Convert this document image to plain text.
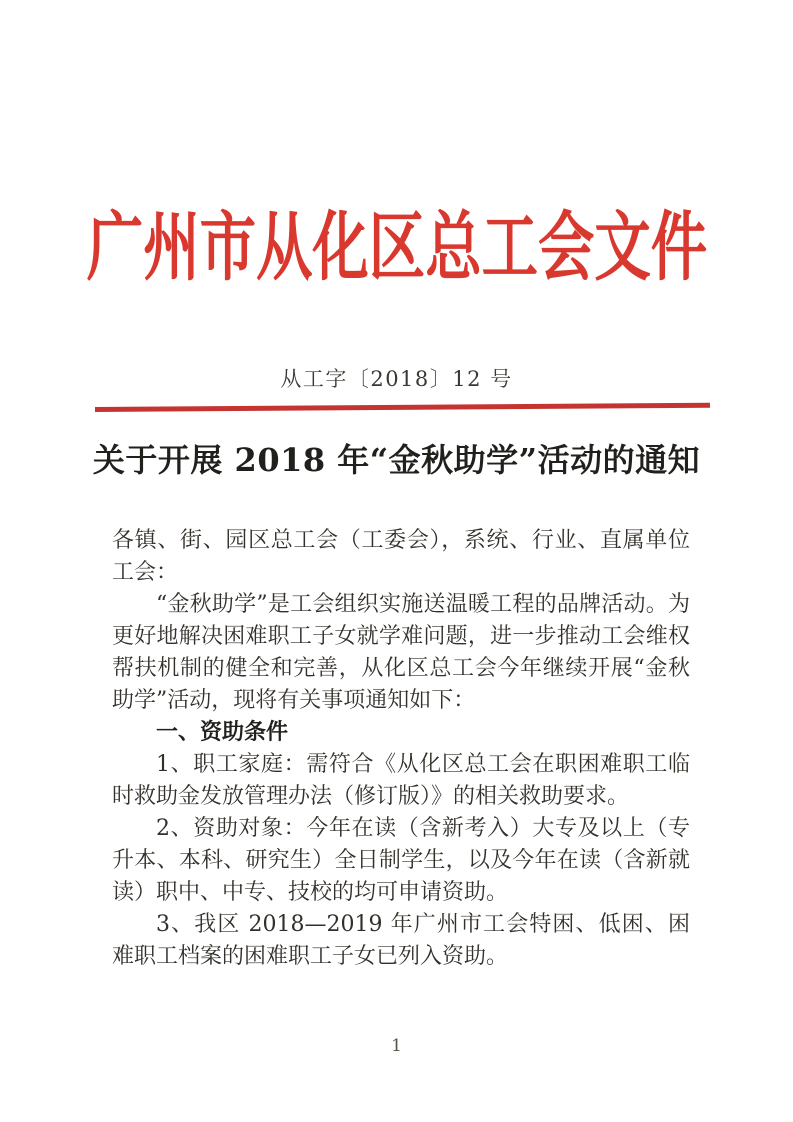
广州市从化区总工会文件
从工字〔2018〕12 号
关于开展 2018 年“金秋助学”活动的通知

各镇、街、园区总工会（工委会），系统、行业、直属单位工会：

“金秋助学”是工会组织实施送温暖工程的品牌活动。为更好地解决困难职工子女就学难问题，进一步推动工会维权帮扶机制的健全和完善，从化区总工会今年继续开展“金秋助学”活动，现将有关事项通知如下：

一、资助条件

1、职工家庭：需符合《从化区总工会在职困难职工临时救助金发放管理办法（修订版）》的相关救助要求。

2、资助对象：今年在读（含新考入）大专及以上（专升本、本科、研究生）全日制学生，以及今年在读（含新就读）职中、中专、技校的均可申请资助。

3、我区 2018—2019 年广州市工会特困、低困、困难职工档案的困难职工子女已列入资助。

1
